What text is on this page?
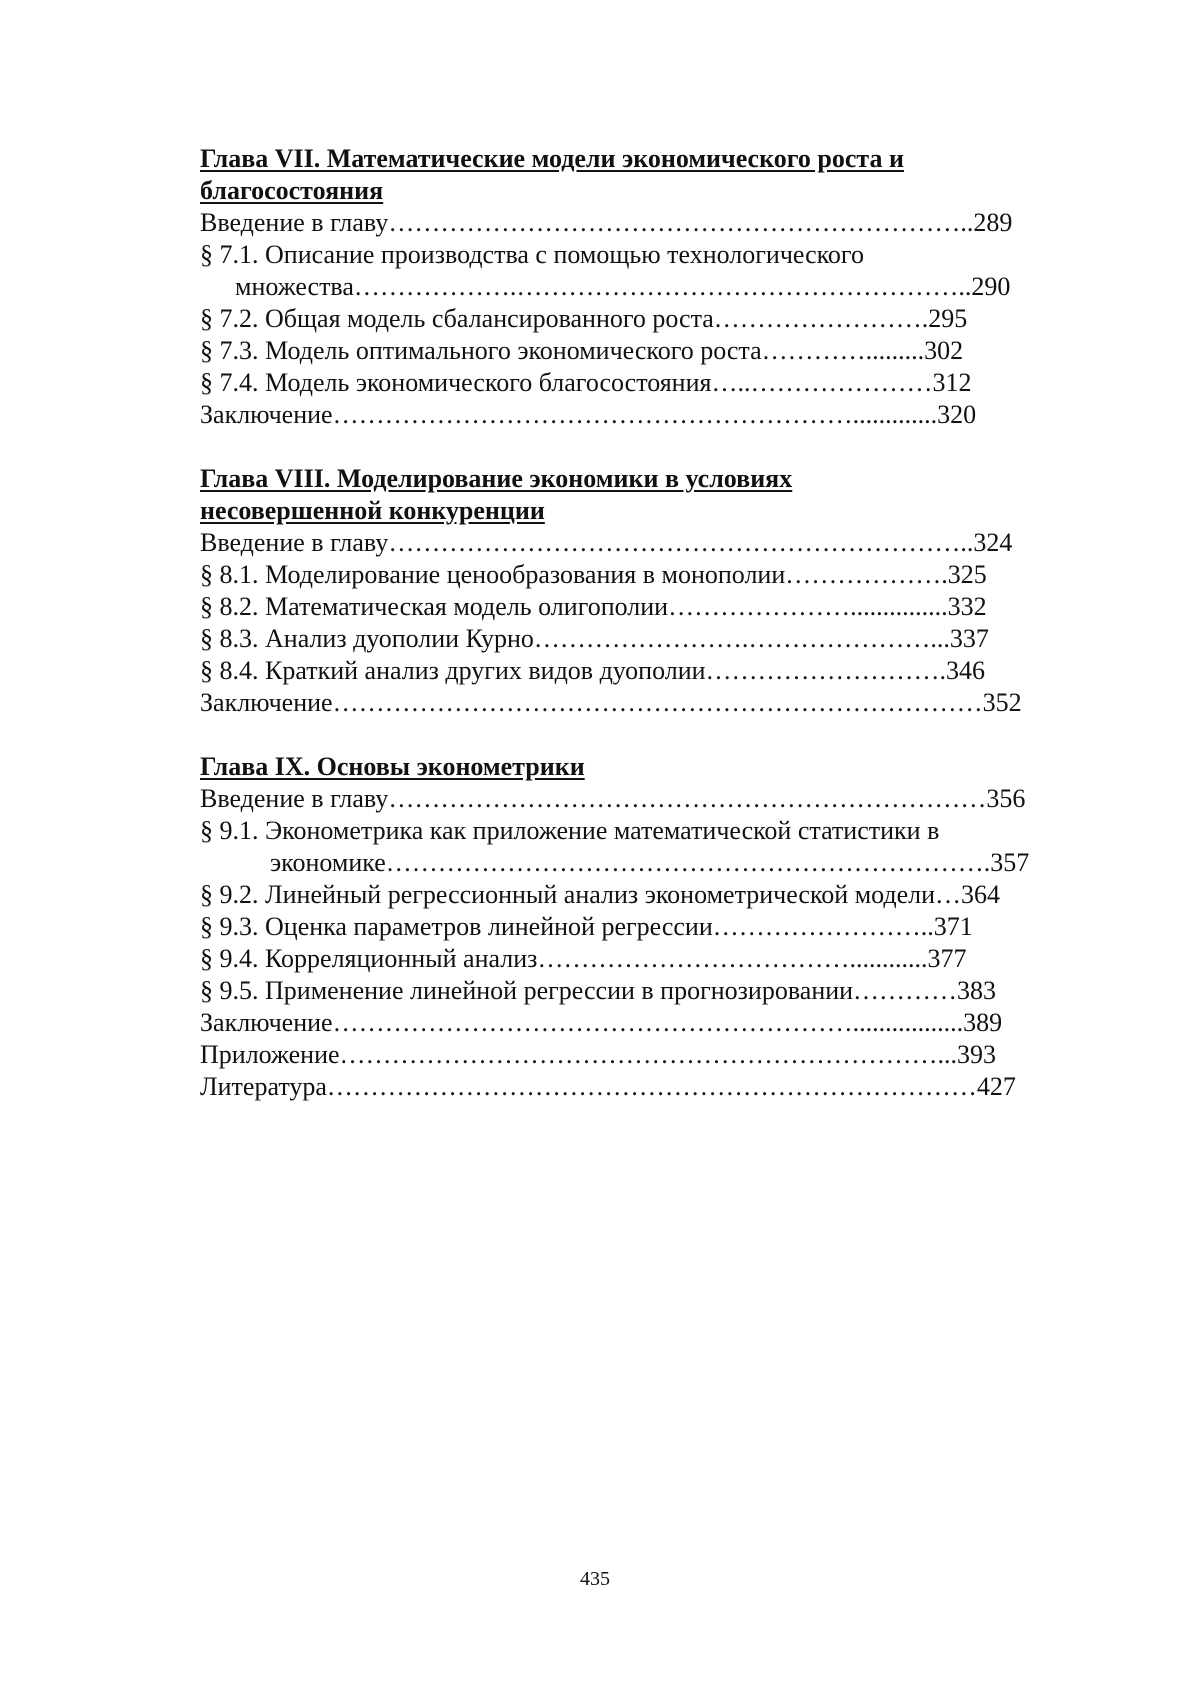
Глава VII. Математические модели экономического роста и
благосостояния
Введение в главу…………………………………………………………..289
§ 7.1. Описание производства с помощью технологического
множества……………….……………………………………………..290
§ 7.2. Общая модель сбалансированного роста…………………….295
§ 7.3. Модель оптимального экономического роста………….........302
§ 7.4. Модель экономического благосостояния…..…………………312
Заключение…………………………………………………….............320
Глава VIII. Моделирование экономики в условиях
несовершенной конкуренции
Введение в главу…………………………………………………………..324
§ 8.1. Моделирование ценообразования в монополии……………….325
§ 8.2. Математическая модель олигополии…………………...............332
§ 8.3. Анализ дуополии Курно…………………….…………………...337
§ 8.4. Краткий анализ других видов дуополии……………………….346
Заключение…………………………………………………………………352
Глава IX. Основы эконометрики
Введение в главу……………………………………………………………356
§ 9.1. Эконометрика как приложение математической статистики в
экономике…………………………………………………………….357
§ 9.2. Линейный регрессионный анализ эконометрической модели…364
§ 9.3. Оценка параметров линейной регрессии……………………..371
§ 9.4. Корреляционный анализ………………………………............377
§ 9.5. Применение линейной регрессии в прогнозировании…………383
Заключение…………………………………………………….................389
Приложение……………………………………………………………...393
Литература…………………………………………………………………427
435
